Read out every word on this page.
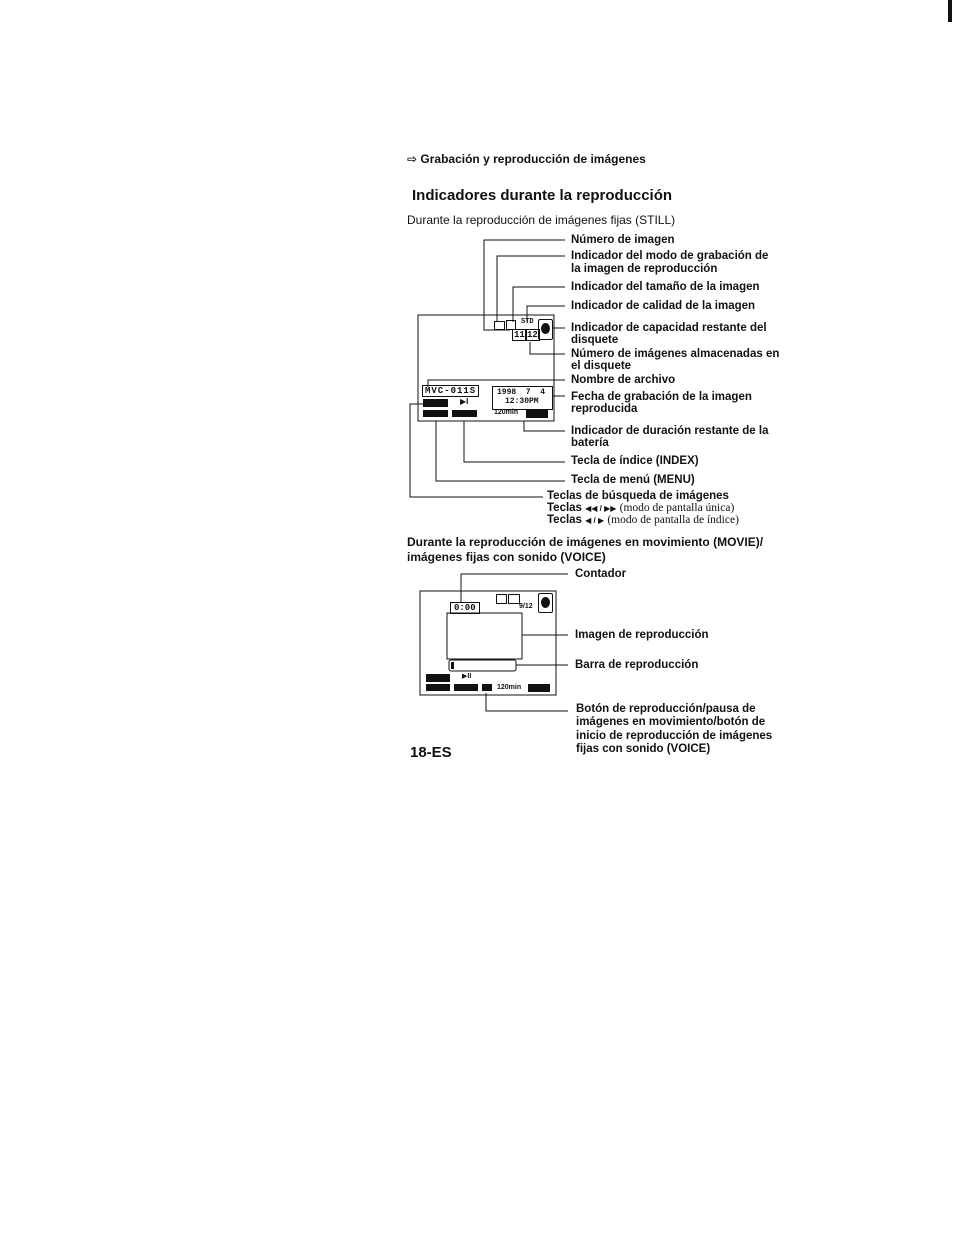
⇨ Grabación y reproducción de imágenes
Indicadores durante la reproducción
Durante la reproducción de imágenes fijas (STILL)
STD
11 12
MVC-011S
▶I
1998  7  4
12:30PM
120min
Número de imagen
Indicador del modo de grabación de
la imagen de reproducción
Indicador del tamaño de la imagen
Indicador de calidad de la imagen
Indicador de capacidad restante del
disquete
Número de imágenes almacenadas en
el disquete
Nombre de archivo
Fecha de grabación de la imagen
reproducida
Indicador de duración restante de la
batería
Tecla de índice (INDEX)
Tecla de menú (MENU)
Teclas de búsqueda de imágenes
Teclas ◀◀ / ▶▶ (modo de pantalla única)
Teclas ◀ / ▶ (modo de pantalla de índice)
Durante la reproducción de imágenes en movimiento (MOVIE)/
imágenes fijas con sonido (VOICE)
0:00	9/12
▶II
120min
Contador
Imagen de reproducción
Barra de reproducción
Botón de reproducción/pausa de
imágenes en movimiento/botón de
inicio de reproducción de imágenes
fijas con sonido (VOICE)
18-ES
